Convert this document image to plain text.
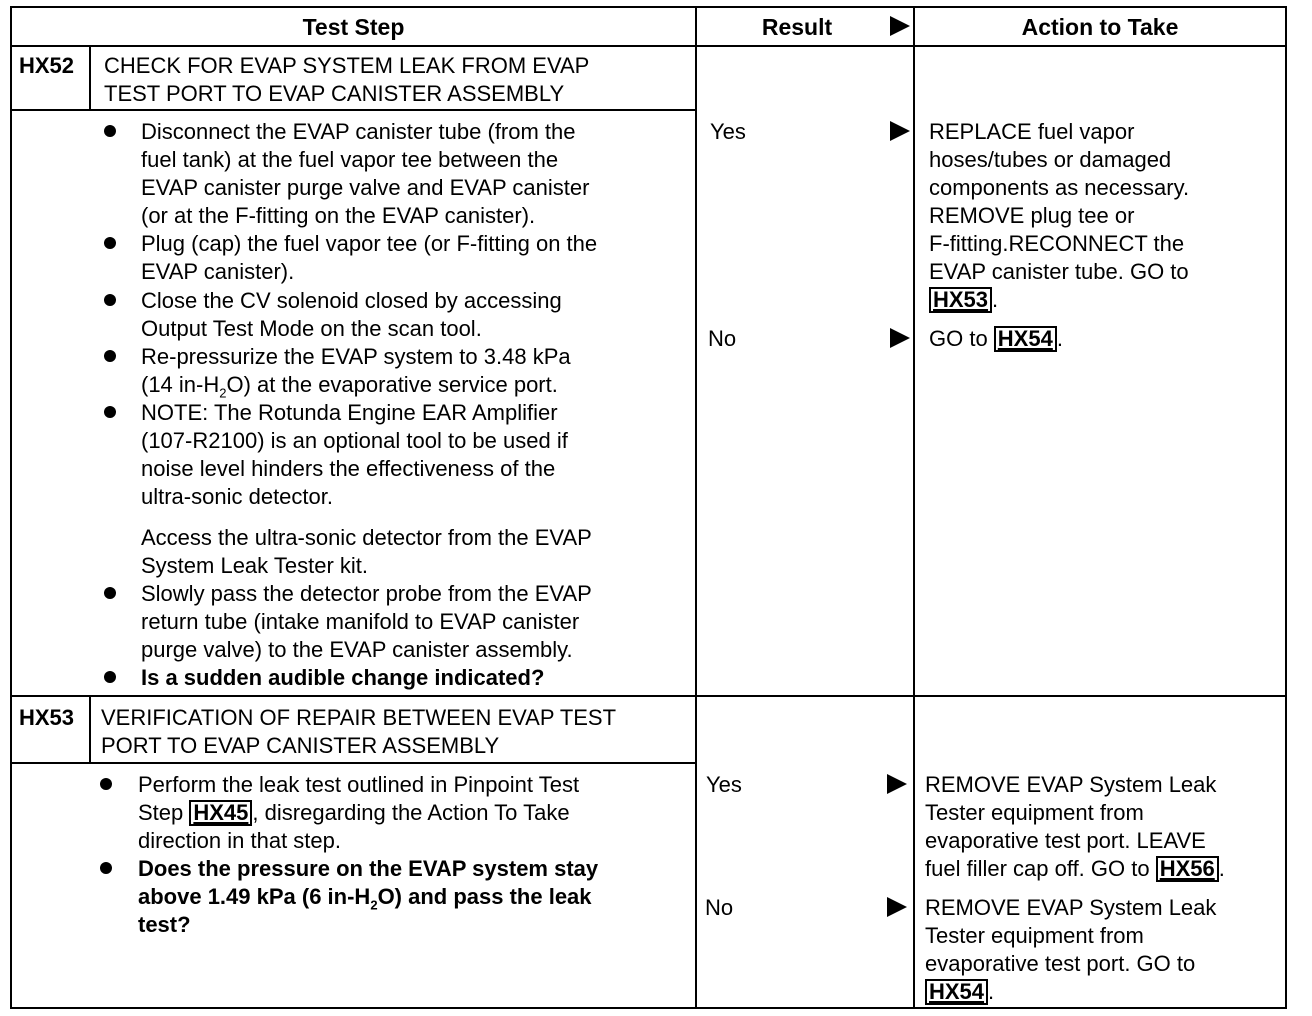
Test Step	Result	Action to Take
HX52 CHECK FOR EVAP SYSTEM LEAK FROM EVAP
TEST PORT TO EVAP CANISTER ASSEMBLY
Disconnect the EVAP canister tube (from the
fuel tank) at the fuel vapor tee between the
EVAP canister purge valve and EVAP canister
(or at the F-fitting on the EVAP canister).
Plug (cap) the fuel vapor tee (or F-fitting on the
EVAP canister).
Close the CV solenoid closed by accessing
Output Test Mode on the scan tool.
Re-pressurize the EVAP system to 3.48 kPa
(14 $in-H_2O$) at the evaporative service port.
NOTE: The Rotunda Engine EAR Amplifier
(107-R2100) is an optional tool to be used if
noise level hinders the effectiveness of the
ultra-sonic detector.
Access the ultra-sonic detector from the EVAP
System Leak Tester kit.
Slowly pass the detector probe from the EVAP
return tube (intake manifold to EVAP canister
purge valve) to the EVAP canister assembly.
Is a sudden audible change indicated?
Yes
No
REPLACE fuel vapor
hoses/tubes or damaged
components as necessary.
REMOVE plug tee or
F-fitting.RECONNECT the
EVAP canister tube. GO to
HX53 .
GO to HX54 .
HX53 VERIFICATION OF REPAIR BETWEEN EVAP TEST
PORT TO EVAP CANISTER ASSEMBLY
Perform the leak test outlined in Pinpoint Test
Step HX45 , disregarding the Action To Take
direction in that step.
Does the pressure on the EVAP system stay
above 1.49 kPa (6 $in-H_2O$) and pass the leak
test?
Yes
No
REMOVE EVAP System Leak
Tester equipment from
evaporative test port. LEAVE
fuel filler cap off. GO to HX56 .
REMOVE EVAP System Leak
Tester equipment from
evaporative test port. GO to
HX54 .
